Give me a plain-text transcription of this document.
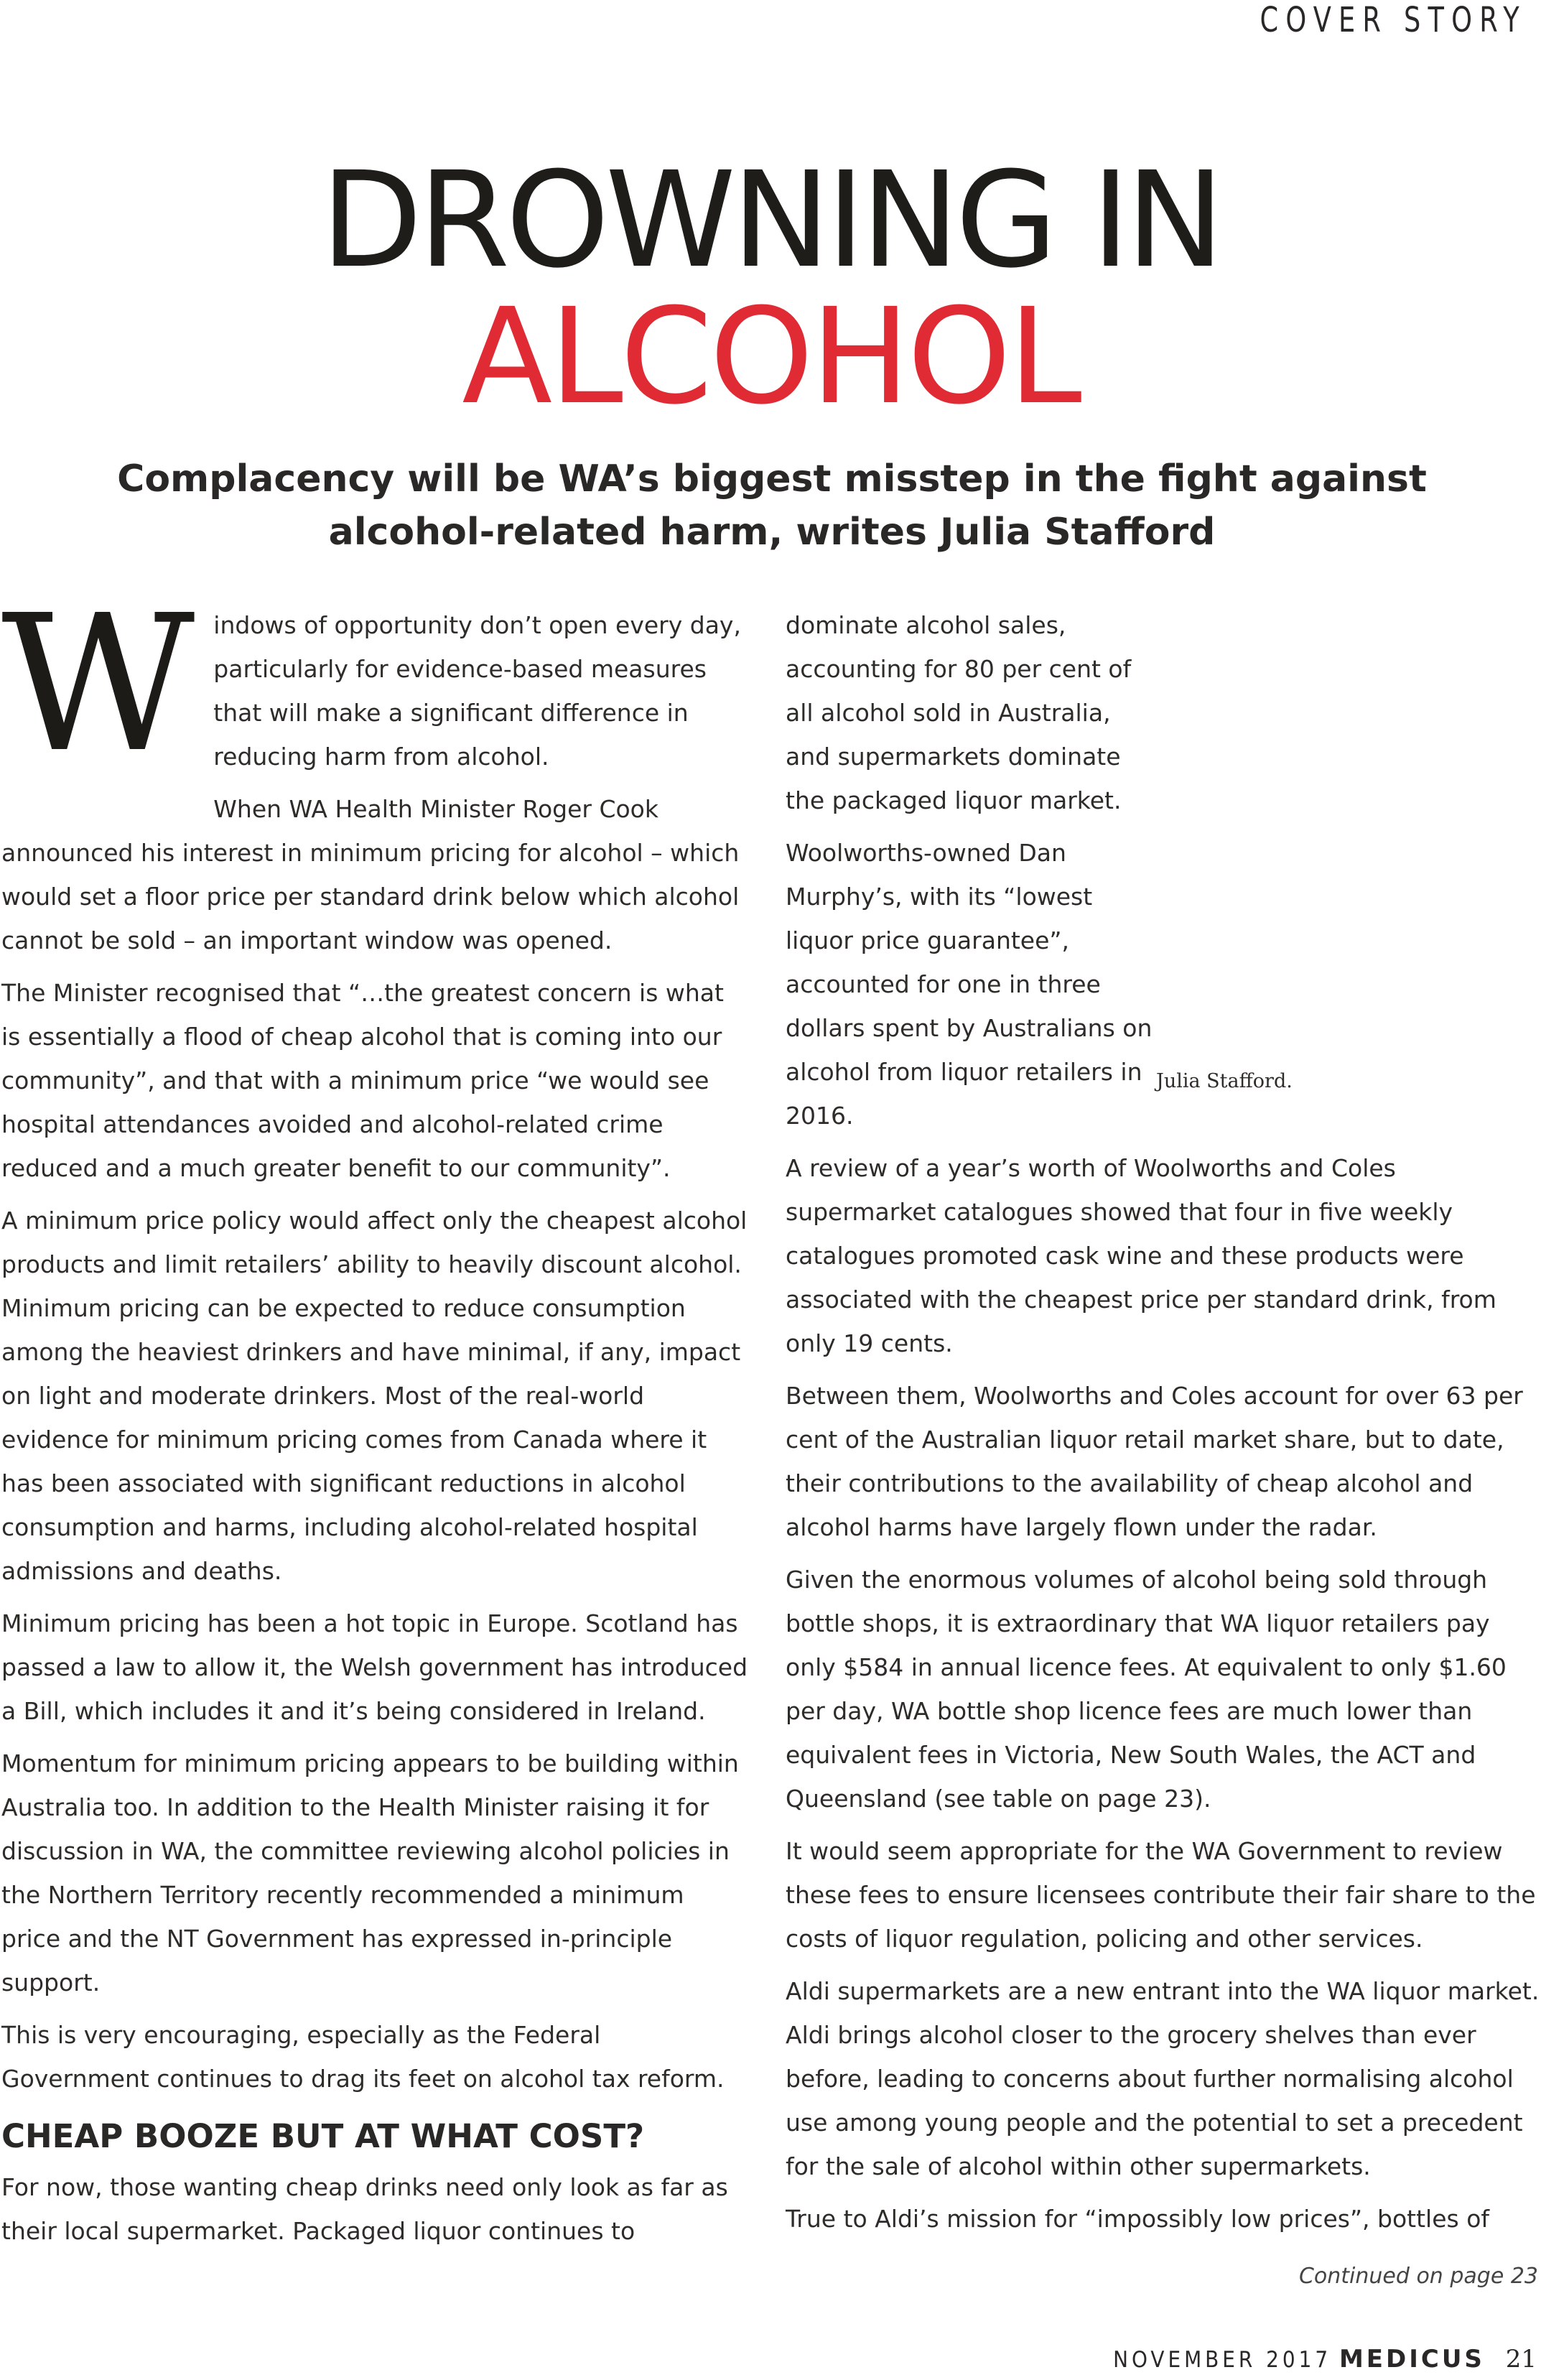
COVER STORY
DROWNING IN
ALCOHOL
Complacency will be WA’s biggest misstep in the fight against alcohol-related harm, writes Julia Stafford

Windows of opportunity don’t open every day, particularly for evidence-based measures that will make a significant difference in reducing harm from alcohol.

When WA Health Minister Roger Cook announced his interest in minimum pricing for alcohol – which would set a floor price per standard drink below which alcohol cannot be sold – an important window was opened.

The Minister recognised that “…the greatest concern is what is essentially a flood of cheap alcohol that is coming into our community”, and that with a minimum price “we would see hospital attendances avoided and alcohol-related crime reduced and a much greater benefit to our community”.

A minimum price policy would affect only the cheapest alcohol products and limit retailers’ ability to heavily discount alcohol. Minimum pricing can be expected to reduce consumption among the heaviest drinkers and have minimal, if any, impact on light and moderate drinkers. Most of the real-world evidence for minimum pricing comes from Canada where it has been associated with significant reductions in alcohol consumption and harms, including alcohol-related hospital admissions and deaths.

Minimum pricing has been a hot topic in Europe. Scotland has passed a law to allow it, the Welsh government has introduced a Bill, which includes it and it’s being considered in Ireland.

Momentum for minimum pricing appears to be building within Australia too. In addition to the Health Minister raising it for discussion in WA, the committee reviewing alcohol policies in the Northern Territory recently recommended a minimum price and the NT Government has expressed in-principle support.

This is very encouraging, especially as the Federal Government continues to drag its feet on alcohol tax reform.

CHEAP BOOZE BUT AT WHAT COST?

For now, those wanting cheap drinks need only look as far as their local supermarket. Packaged liquor continues to

dominate alcohol sales, accounting for 80 per cent of all alcohol sold in Australia, and supermarkets dominate the packaged liquor market.

Woolworths-owned Dan Murphy’s, with its “lowest liquor price guarantee”, accounted for one in three dollars spent by Australians on alcohol from liquor retailers in 2016.

A review of a year’s worth of Woolworths and Coles supermarket catalogues showed that four in five weekly catalogues promoted cask wine and these products were associated with the cheapest price per standard drink, from only 19 cents.

Between them, Woolworths and Coles account for over 63 per cent of the Australian liquor retail market share, but to date, their contributions to the availability of cheap alcohol and alcohol harms have largely flown under the radar.

Given the enormous volumes of alcohol being sold through bottle shops, it is extraordinary that WA liquor retailers pay only $584 in annual licence fees. At equivalent to only $1.60 per day, WA bottle shop licence fees are much lower than equivalent fees in Victoria, New South Wales, the ACT and Queensland (see table on page 23).

It would seem appropriate for the WA Government to review these fees to ensure licensees contribute their fair share to the costs of liquor regulation, policing and other services.

Aldi supermarkets are a new entrant into the WA liquor market. Aldi brings alcohol closer to the grocery shelves than ever before, leading to concerns about further normalising alcohol use among young people and the potential to set a precedent for the sale of alcohol within other supermarkets.

True to Aldi’s mission for “impossibly low prices”, bottles of

Julia Stafford.
Continued on page 23
NOVEMBER 2017 MEDICUS 21
